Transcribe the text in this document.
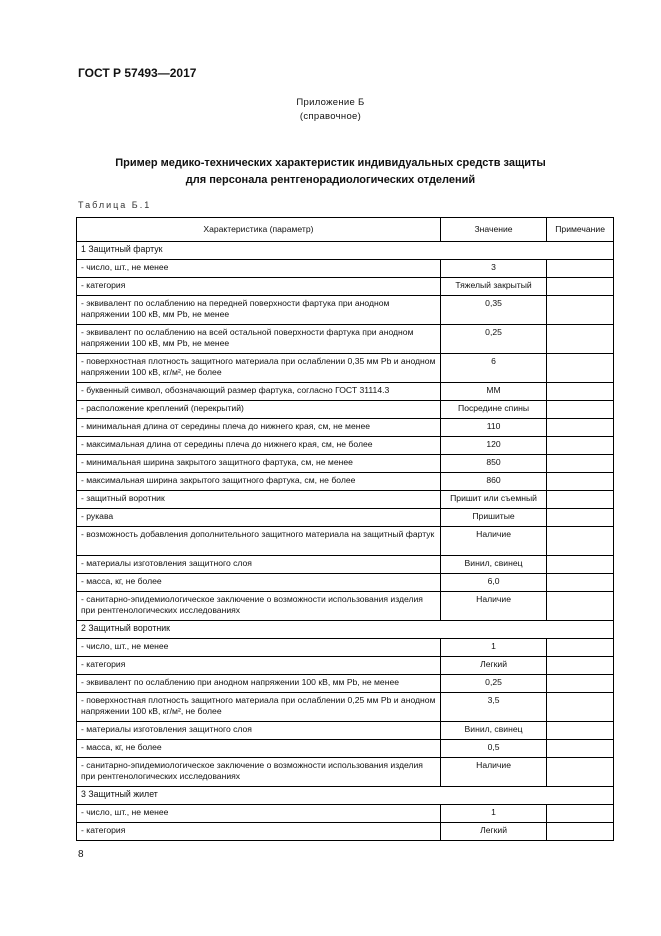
ГОСТ Р 57493—2017
Приложение Б
(справочное)
Пример медико-технических характеристик индивидуальных средств защиты
для персонала рентгенорадиологических отделений
Таблица Б.1
Характеристика (параметр)	Значение	Примечание
1 Защитный фартук		
- число, шт., не менее	3	
- категория	Тяжелый закрытый	
- эквивалент по ослаблению на передней поверхности фартука при анодном напряжении 100 кВ, мм Pb, не менее	0,35	
- эквивалент по ослаблению на всей остальной поверхности фартука при анодном напряжении 100 кВ, мм Pb, не менее	0,25	
- поверхностная плотность защитного материала при ослаблении 0,35 мм Pb и анодном напряжении 100 кВ, кг/м², не более	6	
- буквенный символ, обозначающий размер фартука, согласно ГОСТ 31114.3	ММ	
- расположение креплений (перекрытий)	Посредине спины	
- минимальная длина от середины плеча до нижнего края, см, не менее	110	
- максимальная длина от середины плеча до нижнего края, см, не более	120	
- минимальная ширина закрытого защитного фартука, см, не менее	850	
- максимальная ширина закрытого защитного фартука, см, не более	860	
- защитный воротник	Пришит или съемный	
- рукава	Пришитые	
- возможность добавления дополнительного защитного материала на защитный фартук	Наличие	
- материалы изготовления защитного слоя	Винил, свинец	
- масса, кг, не более	6,0	
- санитарно-эпидемиологическое заключение о возможности использования изделия при рентгенологических исследованиях	Наличие	
2 Защитный воротник		
- число, шт., не менее	1	
- категория	Легкий	
- эквивалент по ослаблению при анодном напряжении 100 кВ, мм Pb, не менее	0,25	
- поверхностная плотность защитного материала при ослаблении 0,25 мм Pb и анодном напряжении 100 кВ, кг/м², не более	3,5	
- материалы изготовления защитного слоя	Винил, свинец	
- масса, кг, не более	0,5	
- санитарно-эпидемиологическое заключение о возможности использования изделия при рентгенологических исследованиях	Наличие	
3 Защитный жилет		
- число, шт., не менее	1	
- категория	Легкий	
8
